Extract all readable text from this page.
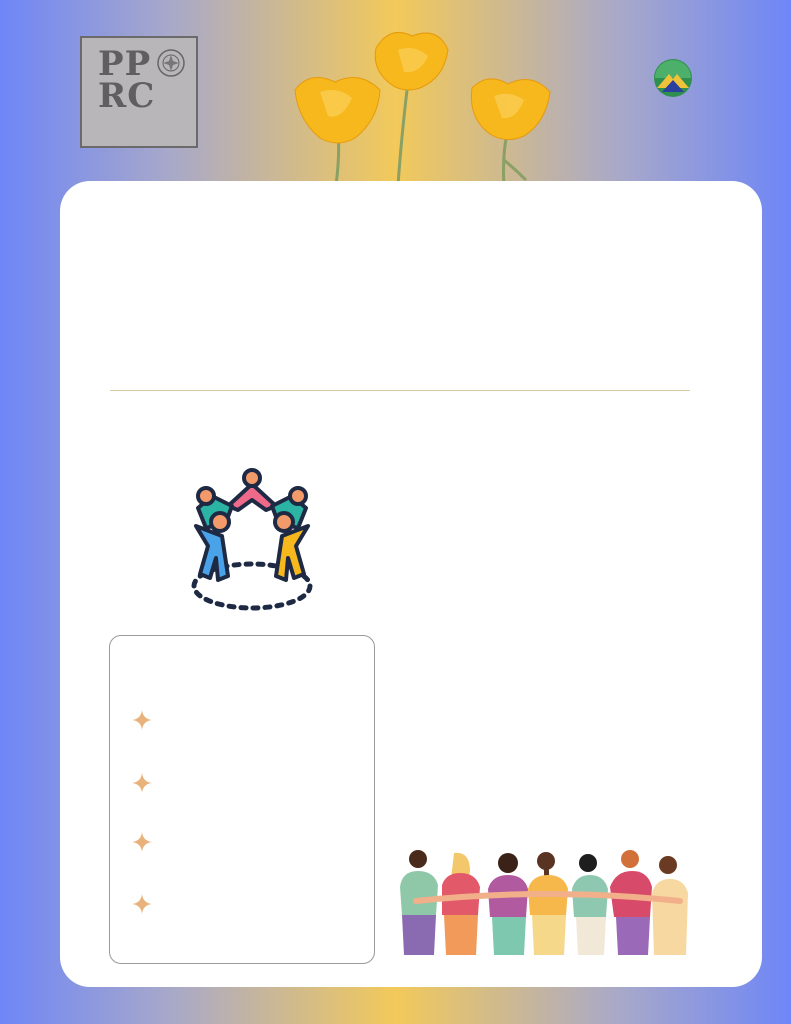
PP
RC
